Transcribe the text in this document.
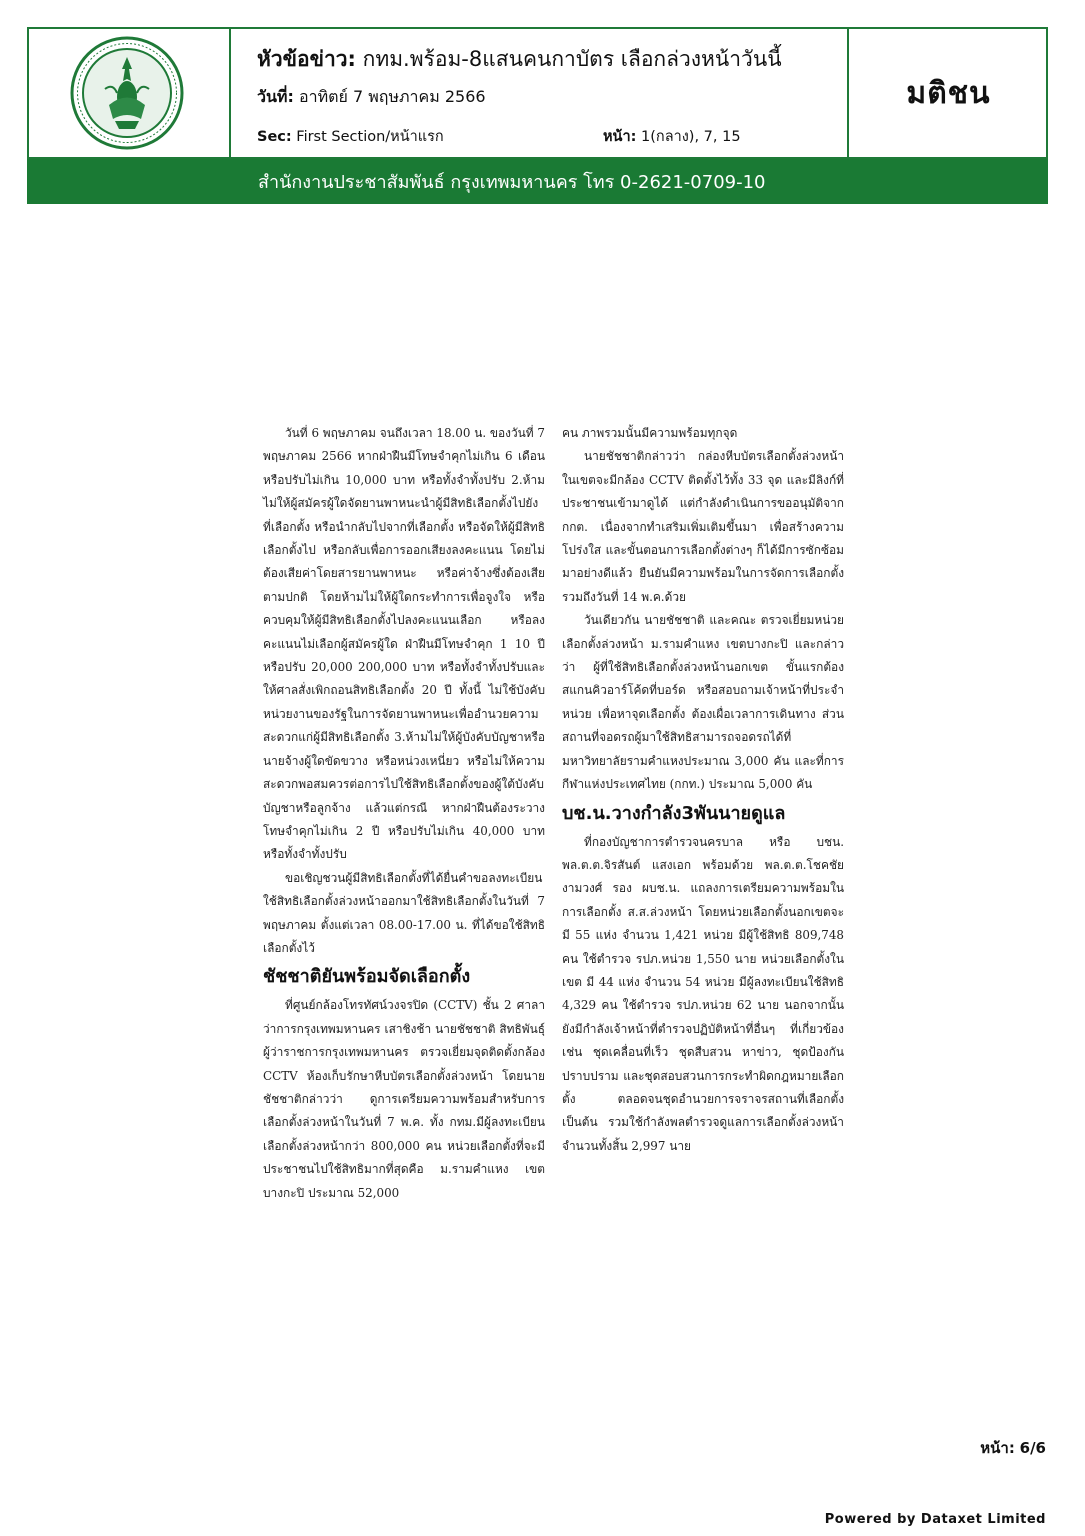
หัวข้อข่าว: กทม.พร้อม-8แสนคนกาบัตร เลือกล่วงหน้าวันนี้
วันที่: อาทิตย์ 7 พฤษภาคม 2566
Sec: First Section/หน้าแรก	หน้า: 1(กลาง), 7, 15
มติชน
สำนักงานประชาสัมพันธ์ กรุงเทพมหานคร โทร 0-2621-0709-10

วันที่ 6 พฤษภาคม จนถึงเวลา 18.00 น. ของวันที่ 7 พฤษภาคม 2566 หากฝ่าฝืนมีโทษจำคุกไม่เกิน 6 เดือน หรือปรับไม่เกิน 10,000 บาท หรือทั้งจำทั้งปรับ 2.ห้ามไม่ให้ผู้สมัครผู้ใดจัดยานพาหนะนำผู้มีสิทธิเลือกตั้งไปยังที่เลือกตั้ง หรือนำกลับไปจากที่เลือกตั้ง หรือจัดให้ผู้มีสิทธิเลือกตั้งไป หรือกลับเพื่อการออกเสียงลงคะแนน โดยไม่ต้องเสียค่าโดยสารยานพาหนะ หรือค่าจ้างซึ่งต้องเสียตามปกติ โดยห้ามไม่ให้ผู้ใดกระทำการเพื่อจูงใจ หรือควบคุมให้ผู้มีสิทธิเลือกตั้งไปลงคะแนนเลือก หรือลงคะแนนไม่เลือกผู้สมัครผู้ใด ฝ่าฝืนมีโทษจำคุก 1 10 ปี หรือปรับ 20,000 200,000 บาท หรือทั้งจำทั้งปรับและให้ศาลสั่งเพิกถอนสิทธิเลือกตั้ง 20 ปี ทั้งนี้ ไม่ใช้บังคับหน่วยงานของรัฐในการจัดยานพาหนะเพื่ออำนวยความสะดวกแก่ผู้มีสิทธิเลือกตั้ง 3.ห้ามไม่ให้ผู้บังคับบัญชาหรือนายจ้างผู้ใดขัดขวาง หรือหน่วงเหนี่ยว หรือไม่ให้ความสะดวกพอสมควรต่อการไปใช้สิทธิเลือกตั้งของผู้ใต้บังคับบัญชาหรือลูกจ้าง แล้วแต่กรณี หากฝ่าฝืนต้องระวางโทษจำคุกไม่เกิน 2 ปี หรือปรับไม่เกิน 40,000 บาท หรือทั้งจำทั้งปรับ

ขอเชิญชวนผู้มีสิทธิเลือกตั้งที่ได้ยื่นคำขอลงทะเบียนใช้สิทธิเลือกตั้งล่วงหน้าออกมาใช้สิทธิเลือกตั้งในวันที่ 7 พฤษภาคม ตั้งแต่เวลา 08.00-17.00 น. ที่ได้ขอใช้สิทธิเลือกตั้งไว้

ชัชชาติยันพร้อมจัดเลือกตั้ง

ที่ศูนย์กล้องโทรทัศน์วงจรปิด (CCTV) ชั้น 2 ศาลาว่าการกรุงเทพมหานคร เสาชิงช้า นายชัชชาติ สิทธิพันธุ์ ผู้ว่าราชการกรุงเทพมหานคร ตรวจเยี่ยมจุดติดตั้งกล้อง CCTV ห้องเก็บรักษาหีบบัตรเลือกตั้งล่วงหน้า โดยนายชัชชาติกล่าวว่า ดูการเตรียมความพร้อมสำหรับการเลือกตั้งล่วงหน้าในวันที่ 7 พ.ค. ทั้ง กทม.มีผู้ลงทะเบียนเลือกตั้งล่วงหน้ากว่า 800,000 คน หน่วยเลือกตั้งที่จะมีประชาชนไปใช้สิทธิมากที่สุดคือ ม.รามคำแหง เขตบางกะปิ ประมาณ 52,000

คน ภาพรวมนั้นมีความพร้อมทุกจุด

นายชัชชาติกล่าวว่า กล่องหีบบัตรเลือกตั้งล่วงหน้าในเขตจะมีกล้อง CCTV ติดตั้งไว้ทั้ง 33 จุด และมีลิงก์ที่ประชาชนเข้ามาดูได้ แต่กำลังดำเนินการขออนุมัติจาก กกต. เนื่องจากทำเสริมเพิ่มเติมขึ้นมา เพื่อสร้างความโปร่งใส และขั้นตอนการเลือกตั้งต่างๆ ก็ได้มีการซักซ้อมมาอย่างดีแล้ว ยืนยันมีความพร้อมในการจัดการเลือกตั้งรวมถึงวันที่ 14 พ.ค.ด้วย

วันเดียวกัน นายชัชชาติ และคณะ ตรวจเยี่ยมหน่วยเลือกตั้งล่วงหน้า ม.รามคำแหง เขตบางกะปิ และกล่าวว่า ผู้ที่ใช้สิทธิเลือกตั้งล่วงหน้านอกเขต ขั้นแรกต้องสแกนคิวอาร์โค้ดที่บอร์ด หรือสอบถามเจ้าหน้าที่ประจำหน่วย เพื่อหาจุดเลือกตั้ง ต้องเผื่อเวลาการเดินทาง ส่วนสถานที่จอดรถผู้มาใช้สิทธิสามารถจอดรถได้ที่มหาวิทยาลัยรามคำแหงประมาณ 3,000 คัน และที่การกีฬาแห่งประเทศไทย (กกท.) ประมาณ 5,000 คัน

บช.น.วางกำลัง3พันนายดูแล

ที่กองบัญชาการตำรวจนครบาล หรือ บชน. พล.ต.ต.จิรสันต์ แสงเอก พร้อมด้วย พล.ต.ต.โชคชัย งามวงศ์ รอง ผบช.น. แถลงการเตรียมความพร้อมในการเลือกตั้ง ส.ส.ล่วงหน้า โดยหน่วยเลือกตั้งนอกเขตจะมี 55 แห่ง จำนวน 1,421 หน่วย มีผู้ใช้สิทธิ 809,748 คน ใช้ตำรวจ รปภ.หน่วย 1,550 นาย หน่วยเลือกตั้งในเขต มี 44 แห่ง จำนวน 54 หน่วย มีผู้ลงทะเบียนใช้สิทธิ 4,329 คน ใช้ตำรวจ รปภ.หน่วย 62 นาย นอกจากนั้นยังมีกำลังเจ้าหน้าที่ตำรวจปฏิบัติหน้าที่อื่นๆ ที่เกี่ยวข้อง เช่น ชุดเคลื่อนที่เร็ว ชุดสืบสวน หาข่าว, ชุดป้องกันปราบปราม และชุดสอบสวนการกระทำผิดกฎหมายเลือกตั้ง ตลอดจนชุดอำนวยการจราจรสถานที่เลือกตั้ง เป็นต้น รวมใช้กำลังพลตำรวจดูแลการเลือกตั้งล่วงหน้าจำนวนทั้งสิ้น 2,997 นาย

หน้า: 6/6
Powered by Dataxet Limited
